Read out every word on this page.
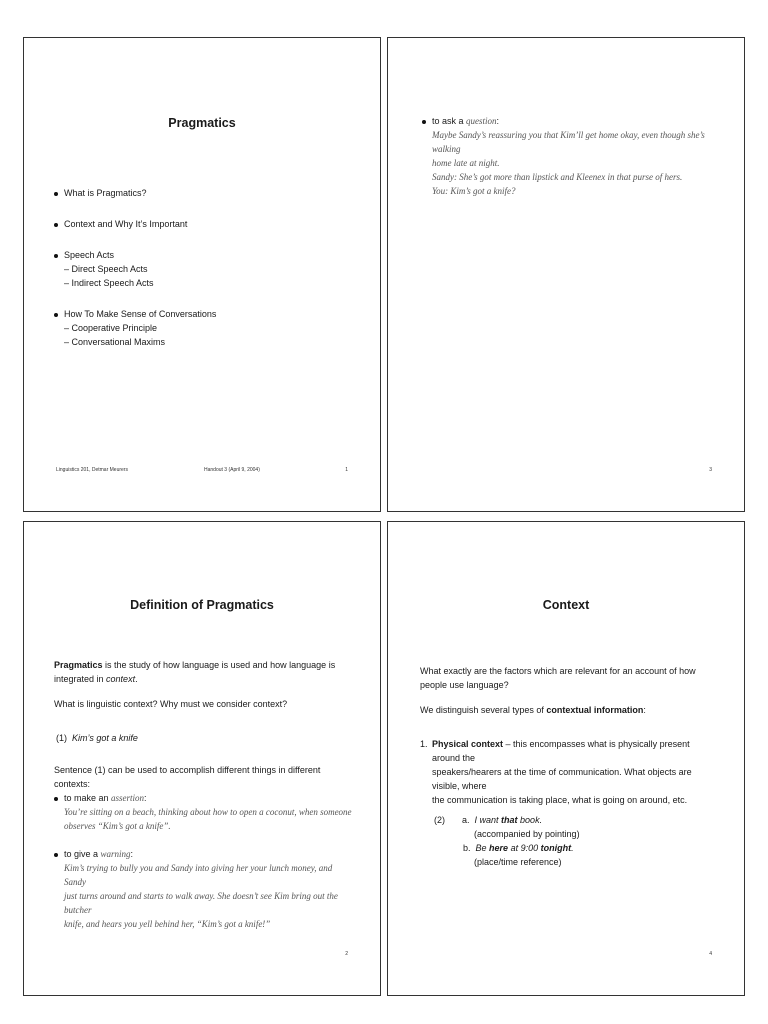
Pragmatics
What is Pragmatics?
Context and Why It’s Important
Speech Acts
– Direct Speech Acts
– Indirect Speech Acts
How To Make Sense of Conversations
– Cooperative Principle
– Conversational Maxims
Linguistics 201, Detmar Meurers	Handout 3 (April 9, 2004)	1
to ask a question:
Maybe Sandy’s reassuring you that Kim’ll get home okay, even though she’s walking
home late at night.
Sandy: She’s got more than lipstick and Kleenex in that purse of hers.
You: Kim’s got a knife?
3
Definition of Pragmatics
Pragmatics is the study of how language is used and how language is integrated in context.
What is linguistic context? Why must we consider context?
(1) Kim’s got a knife
Sentence (1) can be used to accomplish different things in different contexts:
to make an assertion:
You’re sitting on a beach, thinking about how to open a coconut, when someone
observes “Kim’s got a knife”.
to give a warning:
Kim’s trying to bully you and Sandy into giving her your lunch money, and Sandy
just turns around and starts to walk away. She doesn’t see Kim bring out the butcher
knife, and hears you yell behind her, “Kim’s got a knife!”
2
Context
What exactly are the factors which are relevant for an account of how people use language?
We distinguish several types of contextual information:
1. Physical context – this encompasses what is physically present around the
speakers/hearers at the time of communication. What objects are visible, where
the communication is taking place, what is going on around, etc.
(2) a. I want that book.
(accompanied by pointing)
b. Be here at 9:00 tonight.
(place/time reference)
4
